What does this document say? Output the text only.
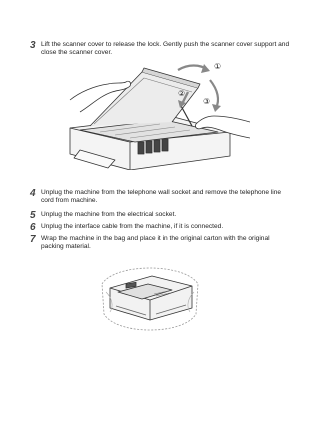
3 Lift the scanner cover to release the lock. Gently push the scanner cover support and close the scanner cover.
①
②
③
4 Unplug the machine from the telephone wall socket and remove the telephone line cord from machine.
5 Unplug the machine from the electrical socket.
6 Unplug the interface cable from the machine, if it is connected.
7 Wrap the machine in the bag and place it in the original carton with the original packing material.
